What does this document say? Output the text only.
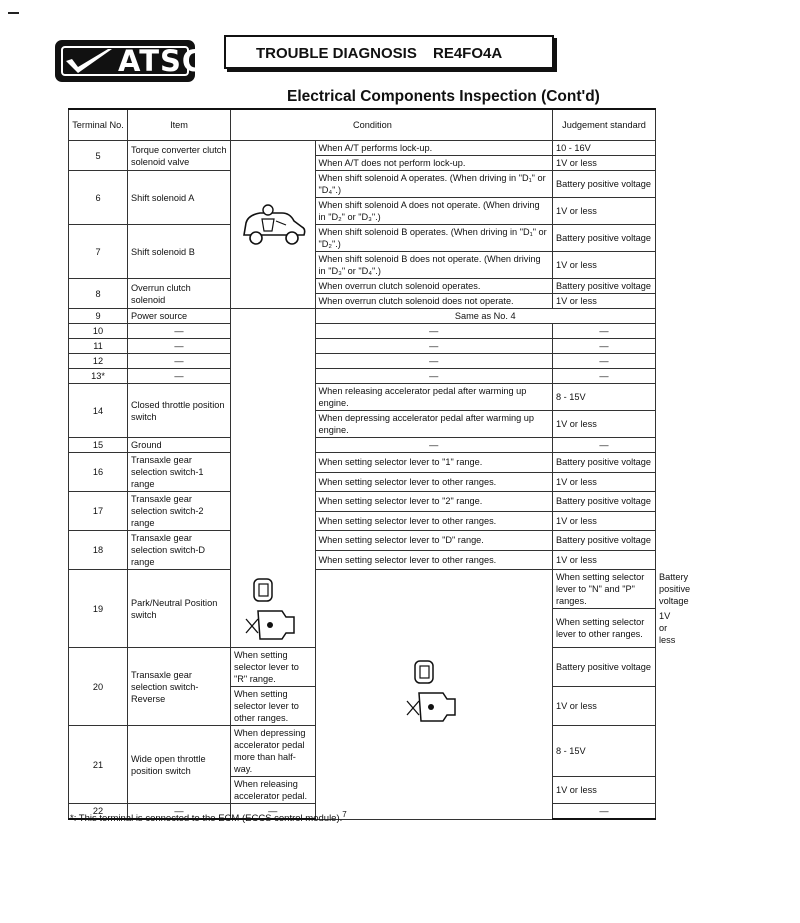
ATSG	TROUBLE DIAGNOSIS RE4FO4A
Electrical Components Inspection (Cont'd)
Terminal No.	Item		Condition	Judgement standard	
5	Torque converter clutch solenoid valve		When A/T performs lock-up.	10 - 16V	
			When A/T does not perform lock-up.	1V or less	
6	Shift solenoid A		When shift solenoid A operates. (When driving in "D₁" or "D₄".)	Battery positive voltage	
			When shift solenoid A does not operate. (When driving in "D₂" or "D₃".)	1V or less	
7	Shift solenoid B		When shift solenoid B operates. (When driving in "D₁" or "D₂".)	Battery positive voltage	
			When shift solenoid B does not operate. (When driving in "D₃" or "D₄".)	1V or less	
8	Overrun clutch solenoid		When overrun clutch solenoid operates.	Battery positive voltage	
			When overrun clutch solenoid does not operate.	1V or less	
9	Power source		Same as No. 4		
10	—		—	—	
11	—		—	—	
12	—		—	—	
13*	—		—	—	
14	Closed throttle position switch		When releasing accelerator pedal after warming up engine.	8 - 15V	
			When depressing accelerator pedal after warming up engine.	1V or less	
15	Ground		—	—	
16	Transaxle gear selection switch-1 range		When setting selector lever to "1" range.	Battery positive voltage	
			When setting selector lever to other ranges.	1V or less	
17	Transaxle gear selection switch-2 range		When setting selector lever to "2" range.	Battery positive voltage	
			When setting selector lever to other ranges.	1V or less	
18	Transaxle gear selection switch-D range		When setting selector lever to "D" range.	Battery positive voltage	
			When setting selector lever to other ranges.	1V or less	
19	Park/Neutral Position switch			When setting selector lever to "N" and "P" ranges.	Battery positive voltage
				When setting selector lever to other ranges.	1V or less
20	Transaxle gear selection switch-Reverse	When setting selector lever to "R" range.		Battery positive voltage	
		When setting selector lever to other ranges.		1V or less	
21	Wide open throttle position switch	When depressing accelerator pedal more than half-way.		8 - 15V	
		When releasing accelerator pedal.		1V or less	
22	—	—		—	
*: This terminal is connected to the ECM (ECCS control module).$^7$
